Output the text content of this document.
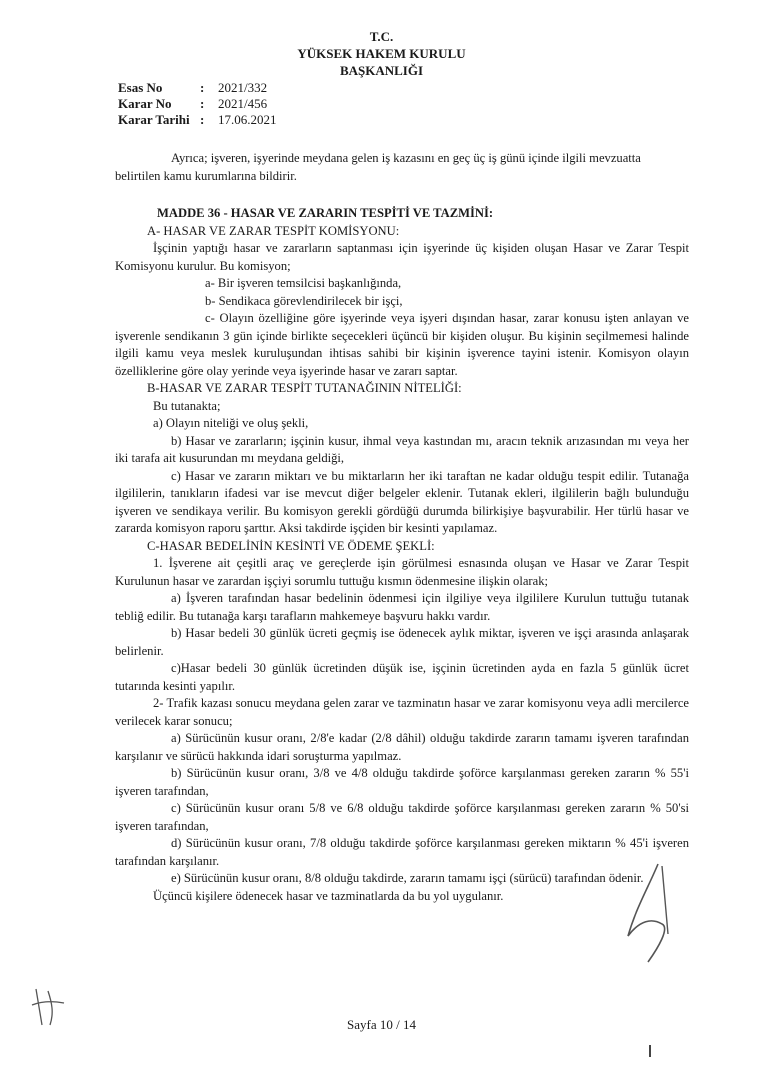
T.C.
YÜKSEK HAKEM KURULU
BAŞKANLIĞI
Esas No	:	2021/332
Karar No	:	2021/456
Karar Tarihi :	17.06.2021

Ayrıca; işveren, işyerinde meydana gelen iş kazasını en geç üç iş günü içinde ilgili mevzuatta belirtilen kamu kurumlarına bildirir.

MADDE 36 - HASAR VE ZARARIN TESPİTİ VE TAZMİNİ:

A- HASAR VE ZARAR TESPİT KOMİSYONU:

İşçinin yaptığı hasar ve zararların saptanması için işyerinde üç kişiden oluşan Hasar ve Zarar Tespit Komisyonu kurulur. Bu komisyon;

a- Bir işveren temsilcisi başkanlığında,

b- Sendikaca görevlendirilecek bir işçi,

c- Olayın özelliğine göre işyerinde veya işyeri dışından hasar, zarar konusu işten anlayan ve işverenle sendikanın 3 gün içinde birlikte seçecekleri üçüncü bir kişiden oluşur. Bu kişinin seçilmemesi halinde ilgili kamu veya meslek kuruluşundan ihtisas sahibi bir kişinin işverence tayini istenir. Komisyon olayın özelliklerine göre olay yerinde veya işyerinde hasar ve zararı saptar.

B-HASAR VE ZARAR TESPİT TUTANAĞININ NİTELİĞİ:

Bu tutanakta;

a) Olayın niteliği ve oluş şekli,

b) Hasar ve zararların; işçinin kusur, ihmal veya kastından mı, aracın teknik arızasından mı veya her iki tarafa ait kusurundan mı meydana geldiği,

c) Hasar ve zararın miktarı ve bu miktarların her iki taraftan ne kadar olduğu tespit edilir. Tutanağa ilgililerin, tanıkların ifadesi var ise mevcut diğer belgeler eklenir. Tutanak ekleri, ilgililerin bağlı bulunduğu işveren ve sendikaya verilir. Bu komisyon gerekli gördüğü durumda bilirkişiye başvurabilir. Her türlü hasar ve zararda komisyon raporu şarttır. Aksi takdirde işçiden bir kesinti yapılamaz.

C-HASAR BEDELİNİN KESİNTİ VE ÖDEME ŞEKLİ:

1. İşverene ait çeşitli araç ve gereçlerde işin görülmesi esnasında oluşan ve Hasar ve Zarar Tespit Kurulunun hasar ve zarardan işçiyi sorumlu tuttuğu kısmın ödenmesine ilişkin olarak;

a) İşveren tarafından hasar bedelinin ödenmesi için ilgiliye veya ilgililere Kurulun tuttuğu tutanak tebliğ edilir. Bu tutanağa karşı tarafların mahkemeye başvuru hakkı vardır.

b) Hasar bedeli 30 günlük ücreti geçmiş ise ödenecek aylık miktar, işveren ve işçi arasında anlaşarak belirlenir.

c)Hasar bedeli 30 günlük ücretinden düşük ise, işçinin ücretinden ayda en fazla 5 günlük ücret tutarında kesinti yapılır.

2- Trafik kazası sonucu meydana gelen zarar ve tazminatın hasar ve zarar komisyonu veya adli mercilerce verilecek karar sonucu;

a) Sürücünün kusur oranı, 2/8'e kadar (2/8 dâhil) olduğu takdirde zararın tamamı işveren tarafından karşılanır ve sürücü hakkında idari soruşturma yapılmaz.

b) Sürücünün kusur oranı, 3/8 ve 4/8 olduğu takdirde şoförce karşılanması gereken zararın % 55'i işveren tarafından,

c) Sürücünün kusur oranı 5/8 ve 6/8 olduğu takdirde şoförce karşılanması gereken zararın % 50'si işveren tarafından,

d) Sürücünün kusur oranı, 7/8 olduğu takdirde şoförce karşılanması gereken miktarın % 45'i işveren tarafından karşılanır.

e) Sürücünün kusur oranı, 8/8 olduğu takdirde, zararın tamamı işçi (sürücü) tarafından ödenir.

Üçüncü kişilere ödenecek hasar ve tazminatlarda da bu yol uygulanır.

Sayfa 10 / 14
